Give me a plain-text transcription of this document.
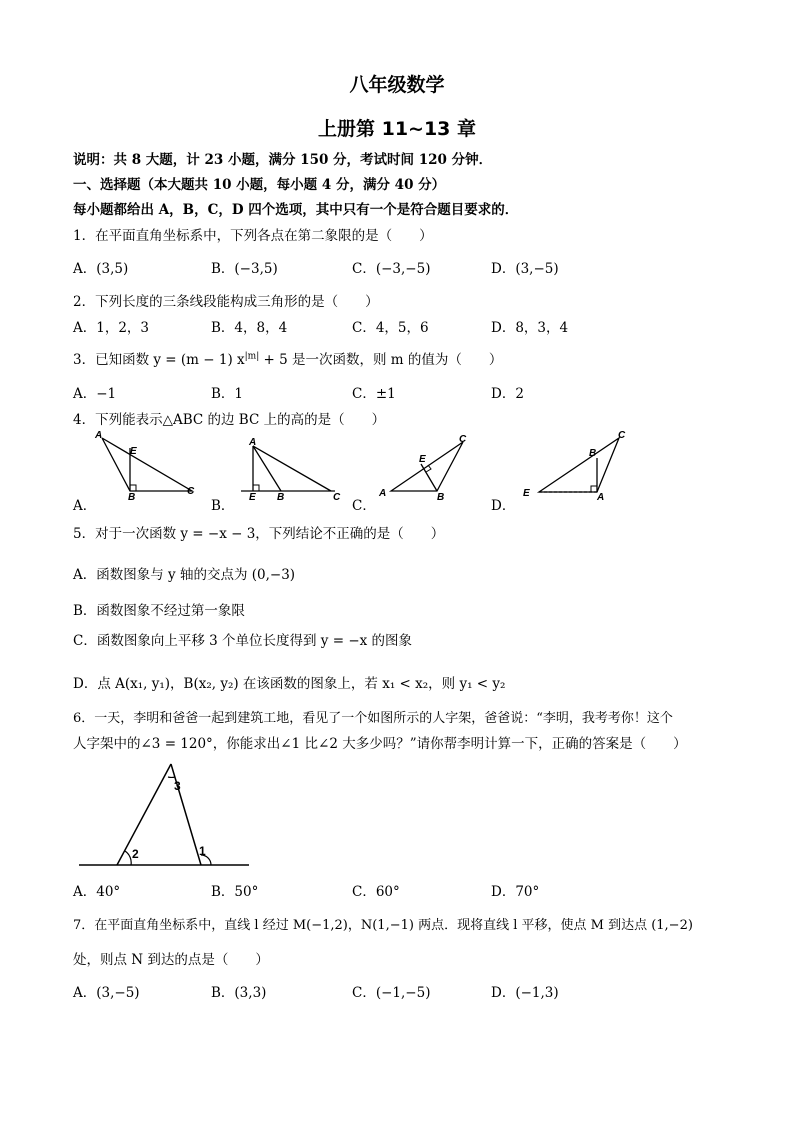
八年级数学
上册第 11~13 章
说明：共 8 大题，计 23 小题，满分 150 分，考试时间 120 分钟．
一、选择题（本大题共 10 小题，每小题 4 分，满分 40 分）
每小题都给出 A，B，C，D 四个选项，其中只有一个是符合题目要求的．
1．在平面直角坐标系中，下列各点在第二象限的是（　　）
A．(3,5)	B．(−3,5)	C．(−3,−5)	D．(3,−5)
2．下列长度的三条线段能构成三角形的是（　　）
A．1，2，3	B．4，8，4	C．4，5，6	D．8，3，4
3．已知函数 y = (m − 1) $x^{|m|} + 5$ 是一次函数，则 m 的值为（　　）
A．−1	B．1	C．±1	D．2
4．下列能表示△ABC 的边 BC 上的高的是（　　）
A．	B．	C．	D．
A
E
B
C
A
E B	C
C
E
A	B
C
B
E	A
5．对于一次函数 y = −x − 3，下列结论不正确的是（　　）
A．函数图象与 y 轴的交点为 (0,−3)
B．函数图象不经过第一象限
C．函数图象向上平移 3 个单位长度得到 y = −x 的图象
D．点 A(x₁, y₁)，B(x₂, y₂) 在该函数的图象上，若 x₁ < x₂，则 y₁ < y₂
6．一天，李明和爸爸一起到建筑工地，看见了一个如图所示的人字架，爸爸说：“李明，我考考你！这个
人字架中的∠3 = 120°，你能求出∠1 比∠2 大多少吗？”请你帮李明计算一下，正确的答案是（　　）
3
2	1
A．40°	B．50°	C．60°	D．70°
7．在平面直角坐标系中，直线 l 经过 M(−1,2)，N(1,−1) 两点．现将直线 l 平移，使点 M 到达点 (1,−2)
处，则点 N 到达的点是（　　）
A．(3,−5)	B．(3,3)	C．(−1,−5)	D．(−1,3)
